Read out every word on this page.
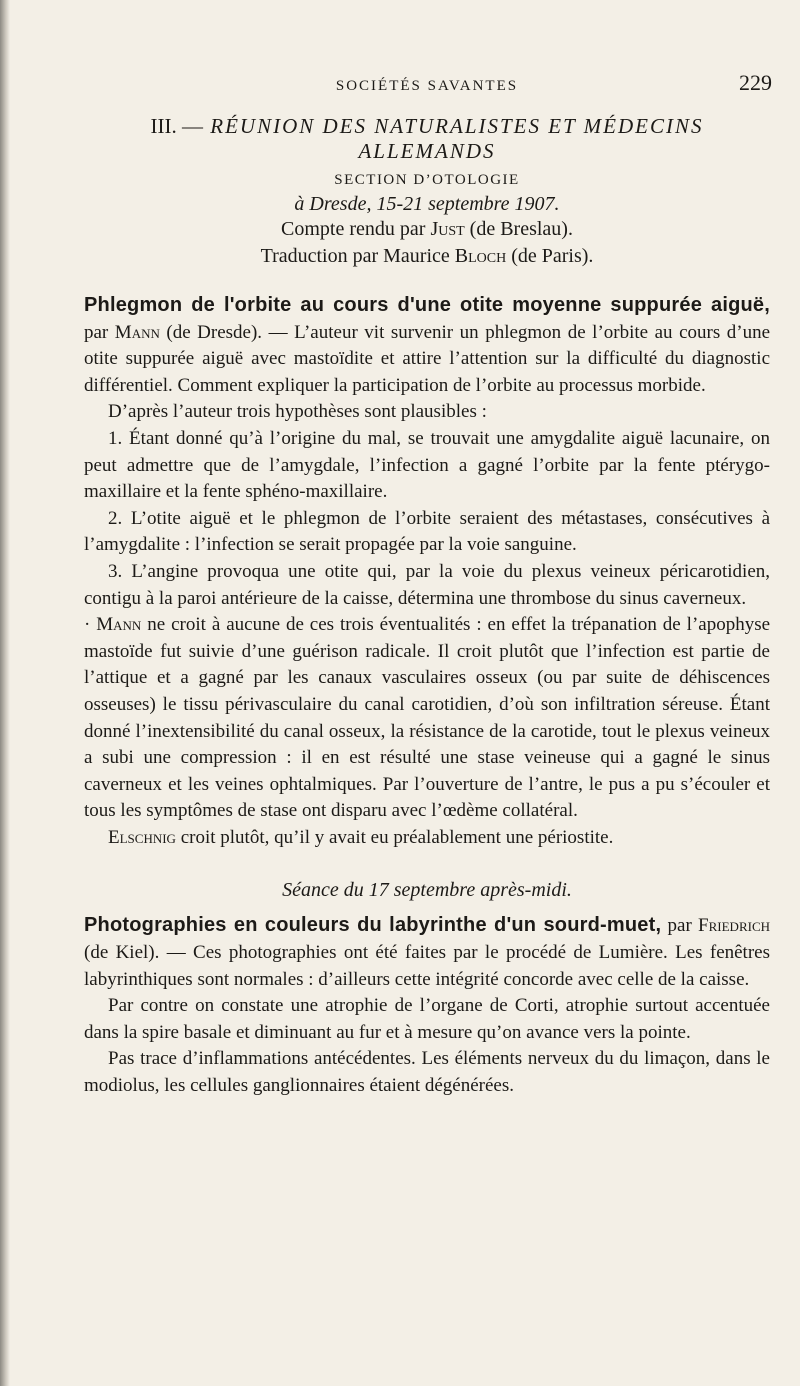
SOCIÉTÉS SAVANTES	229
III. — RÉUNION DES NATURALISTES ET MÉDECINS
ALLEMANDS
SECTION D’OTOLOGIE
à Dresde, 15-21 septembre 1907.
Compte rendu par Just (de Breslau).
Traduction par Maurice Bloch (de Paris).

Phlegmon de l'orbite au cours d'une otite moyenne suppurée aiguë, par Mann (de Dresde). — L’auteur vit survenir un phlegmon de l’orbite au cours d’une otite suppurée aiguë avec mastoïdite et attire l’attention sur la difficulté du diagnostic différentiel. Comment expliquer la participation de l’orbite au processus morbide.

D’après l’auteur trois hypothèses sont plausibles :

1. Étant donné qu’à l’origine du mal, se trouvait une amygdalite aiguë lacunaire, on peut admettre que de l’amygdale, l’infection a gagné l’orbite par la fente ptérygo-maxillaire et la fente sphéno-maxillaire.

2. L’otite aiguë et le phlegmon de l’orbite seraient des métastases, consécutives à l’amygdalite : l’infection se serait propagée par la voie sanguine.

3. L’angine provoqua une otite qui, par la voie du plexus veineux péricarotidien, contigu à la paroi antérieure de la caisse, détermina une thrombose du sinus caverneux.

· Mann ne croit à aucune de ces trois éventualités : en effet la trépanation de l’apophyse mastoïde fut suivie d’une guérison radicale. Il croit plutôt que l’infection est partie de l’attique et a gagné par les canaux vasculaires osseux (ou par suite de déhiscences osseuses) le tissu périvasculaire du canal carotidien, d’où son infiltration séreuse. Étant donné l’inextensibilité du canal osseux, la résistance de la carotide, tout le plexus veineux a subi une compression : il en est résulté une stase veineuse qui a gagné le sinus caverneux et les veines ophtalmiques. Par l’ouverture de l’antre, le pus a pu s’écouler et tous les symptômes de stase ont disparu avec l’œdème collatéral.

Elschnig croit plutôt, qu’il y avait eu préalablement une périostite.

Séance du 17 septembre après-midi.

Photographies en couleurs du labyrinthe d'un sourd-muet, par Friedrich (de Kiel). — Ces photographies ont été faites par le procédé de Lumière. Les fenêtres labyrinthiques sont normales : d’ailleurs cette intégrité concorde avec celle de la caisse.

Par contre on constate une atrophie de l’organe de Corti, atrophie surtout accentuée dans la spire basale et diminuant au fur et à mesure qu’on avance vers la pointe.

Pas trace d’inflammations antécédentes. Les éléments nerveux du du limaçon, dans le modiolus, les cellules ganglionnaires étaient dégénérées.
